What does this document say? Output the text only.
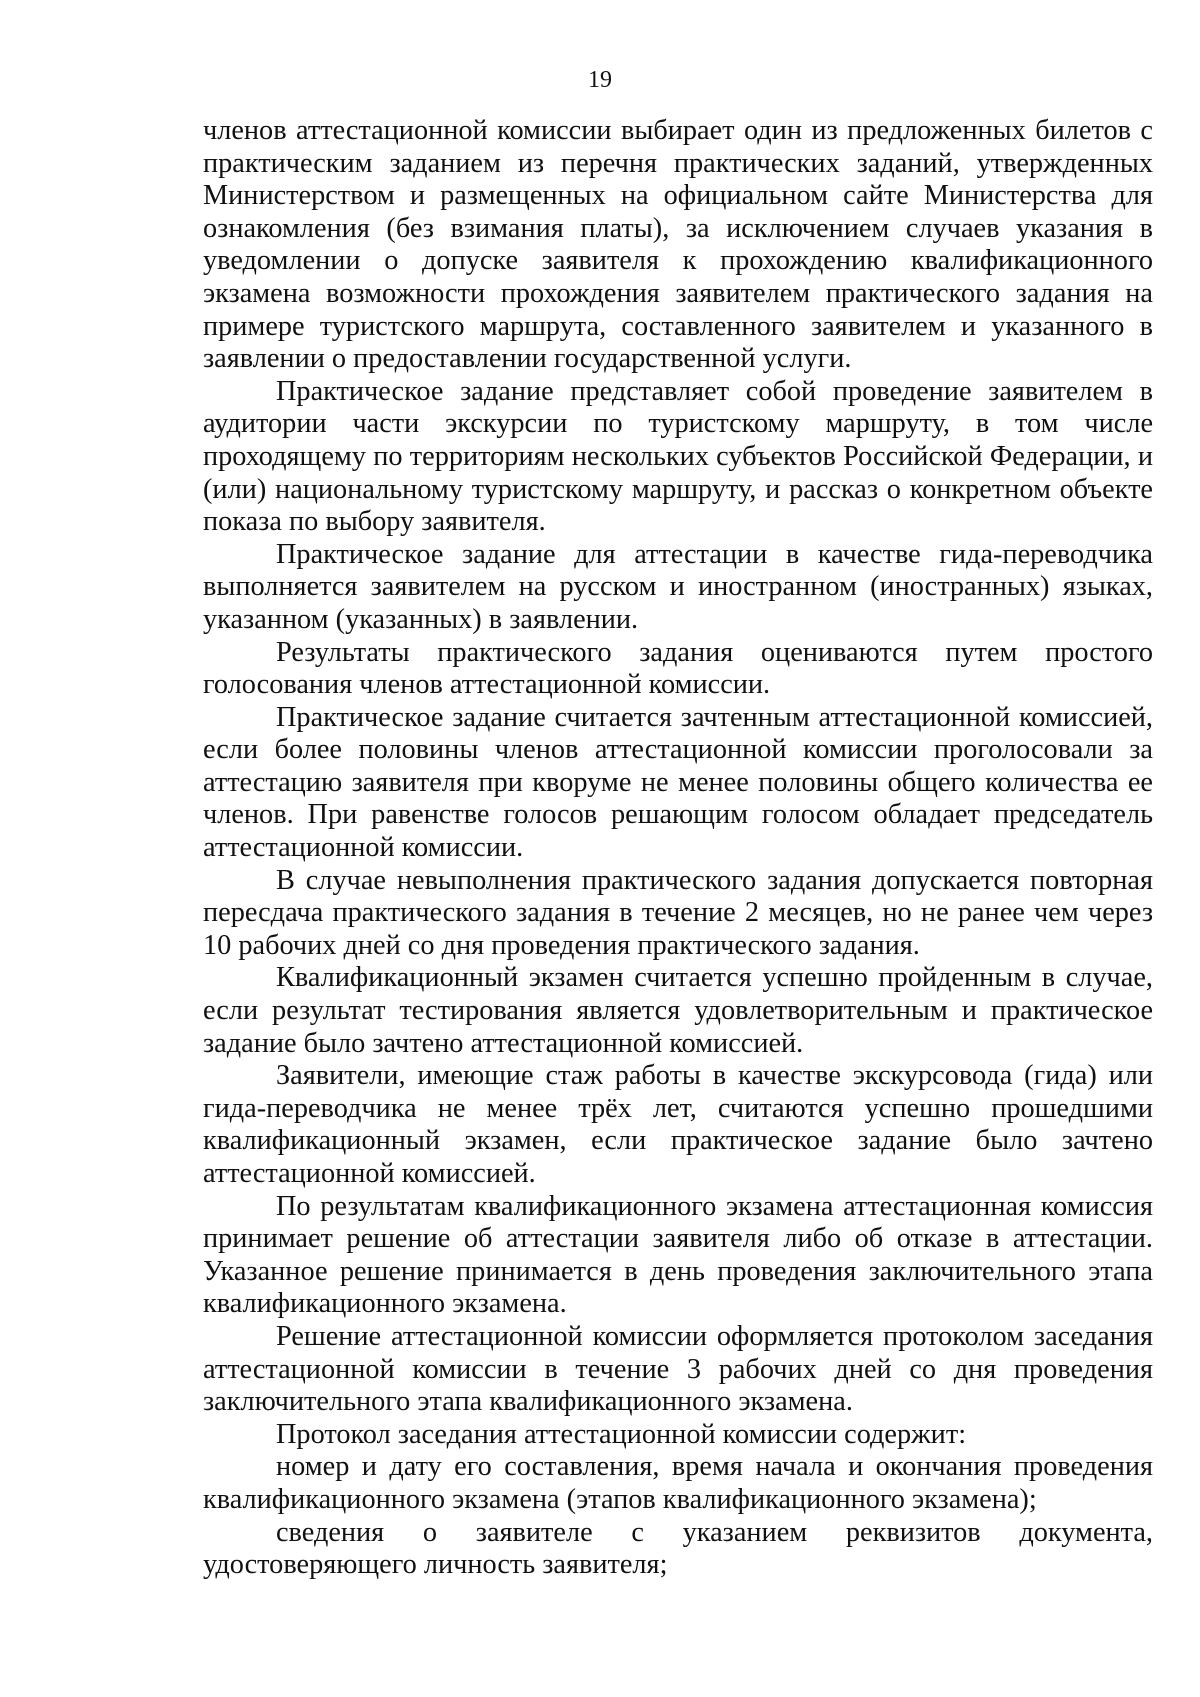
19

членов аттестационной комиссии выбирает один из предложенных билетов с практическим заданием из перечня практических заданий, утвержденных Министерством и размещенных на официальном сайте Министерства для ознакомления (без взимания платы), за исключением случаев указания в уведомлении о допуске заявителя к прохождению квалификационного экзамена возможности прохождения заявителем практического задания на примере туристского маршрута, составленного заявителем и указанного в заявлении о предоставлении государственной услуги.

Практическое задание представляет собой проведение заявителем в аудитории части экскурсии по туристскому маршруту, в том числе проходящему по территориям нескольких субъектов Российской Федерации, и (или) национальному туристскому маршруту, и рассказ о конкретном объекте показа по выбору заявителя.

Практическое задание для аттестации в качестве гида-переводчика выполняется заявителем на русском и иностранном (иностранных) языках, указанном (указанных) в заявлении.

Результаты практического задания оцениваются путем простого голосования членов аттестационной комиссии.

Практическое задание считается зачтенным аттестационной комиссией, если более половины членов аттестационной комиссии проголосовали за аттестацию заявителя при кворуме не менее половины общего количества ее членов. При равенстве голосов решающим голосом обладает председатель аттестационной комиссии.

В случае невыполнения практического задания допускается повторная пересдача практического задания в течение 2 месяцев, но не ранее чем через 10 рабочих дней со дня проведения практического задания.

Квалификационный экзамен считается успешно пройденным в случае, если результат тестирования является удовлетворительным и практическое задание было зачтено аттестационной комиссией.

Заявители, имеющие стаж работы в качестве экскурсовода (гида) или гида-переводчика не менее трёх лет, считаются успешно прошедшими квалификационный экзамен, если практическое задание было зачтено аттестационной комиссией.

По результатам квалификационного экзамена аттестационная комиссия принимает решение об аттестации заявителя либо об отказе в аттестации. Указанное решение принимается в день проведения заключительного этапа квалификационного экзамена.

Решение аттестационной комиссии оформляется протоколом заседания аттестационной комиссии в течение 3 рабочих дней со дня проведения заключительного этапа квалификационного экзамена.

Протокол заседания аттестационной комиссии содержит:

номер и дату его составления, время начала и окончания проведения квалификационного экзамена (этапов квалификационного экзамена);

сведения о заявителе с указанием реквизитов документа, удостоверяющего личность заявителя;
